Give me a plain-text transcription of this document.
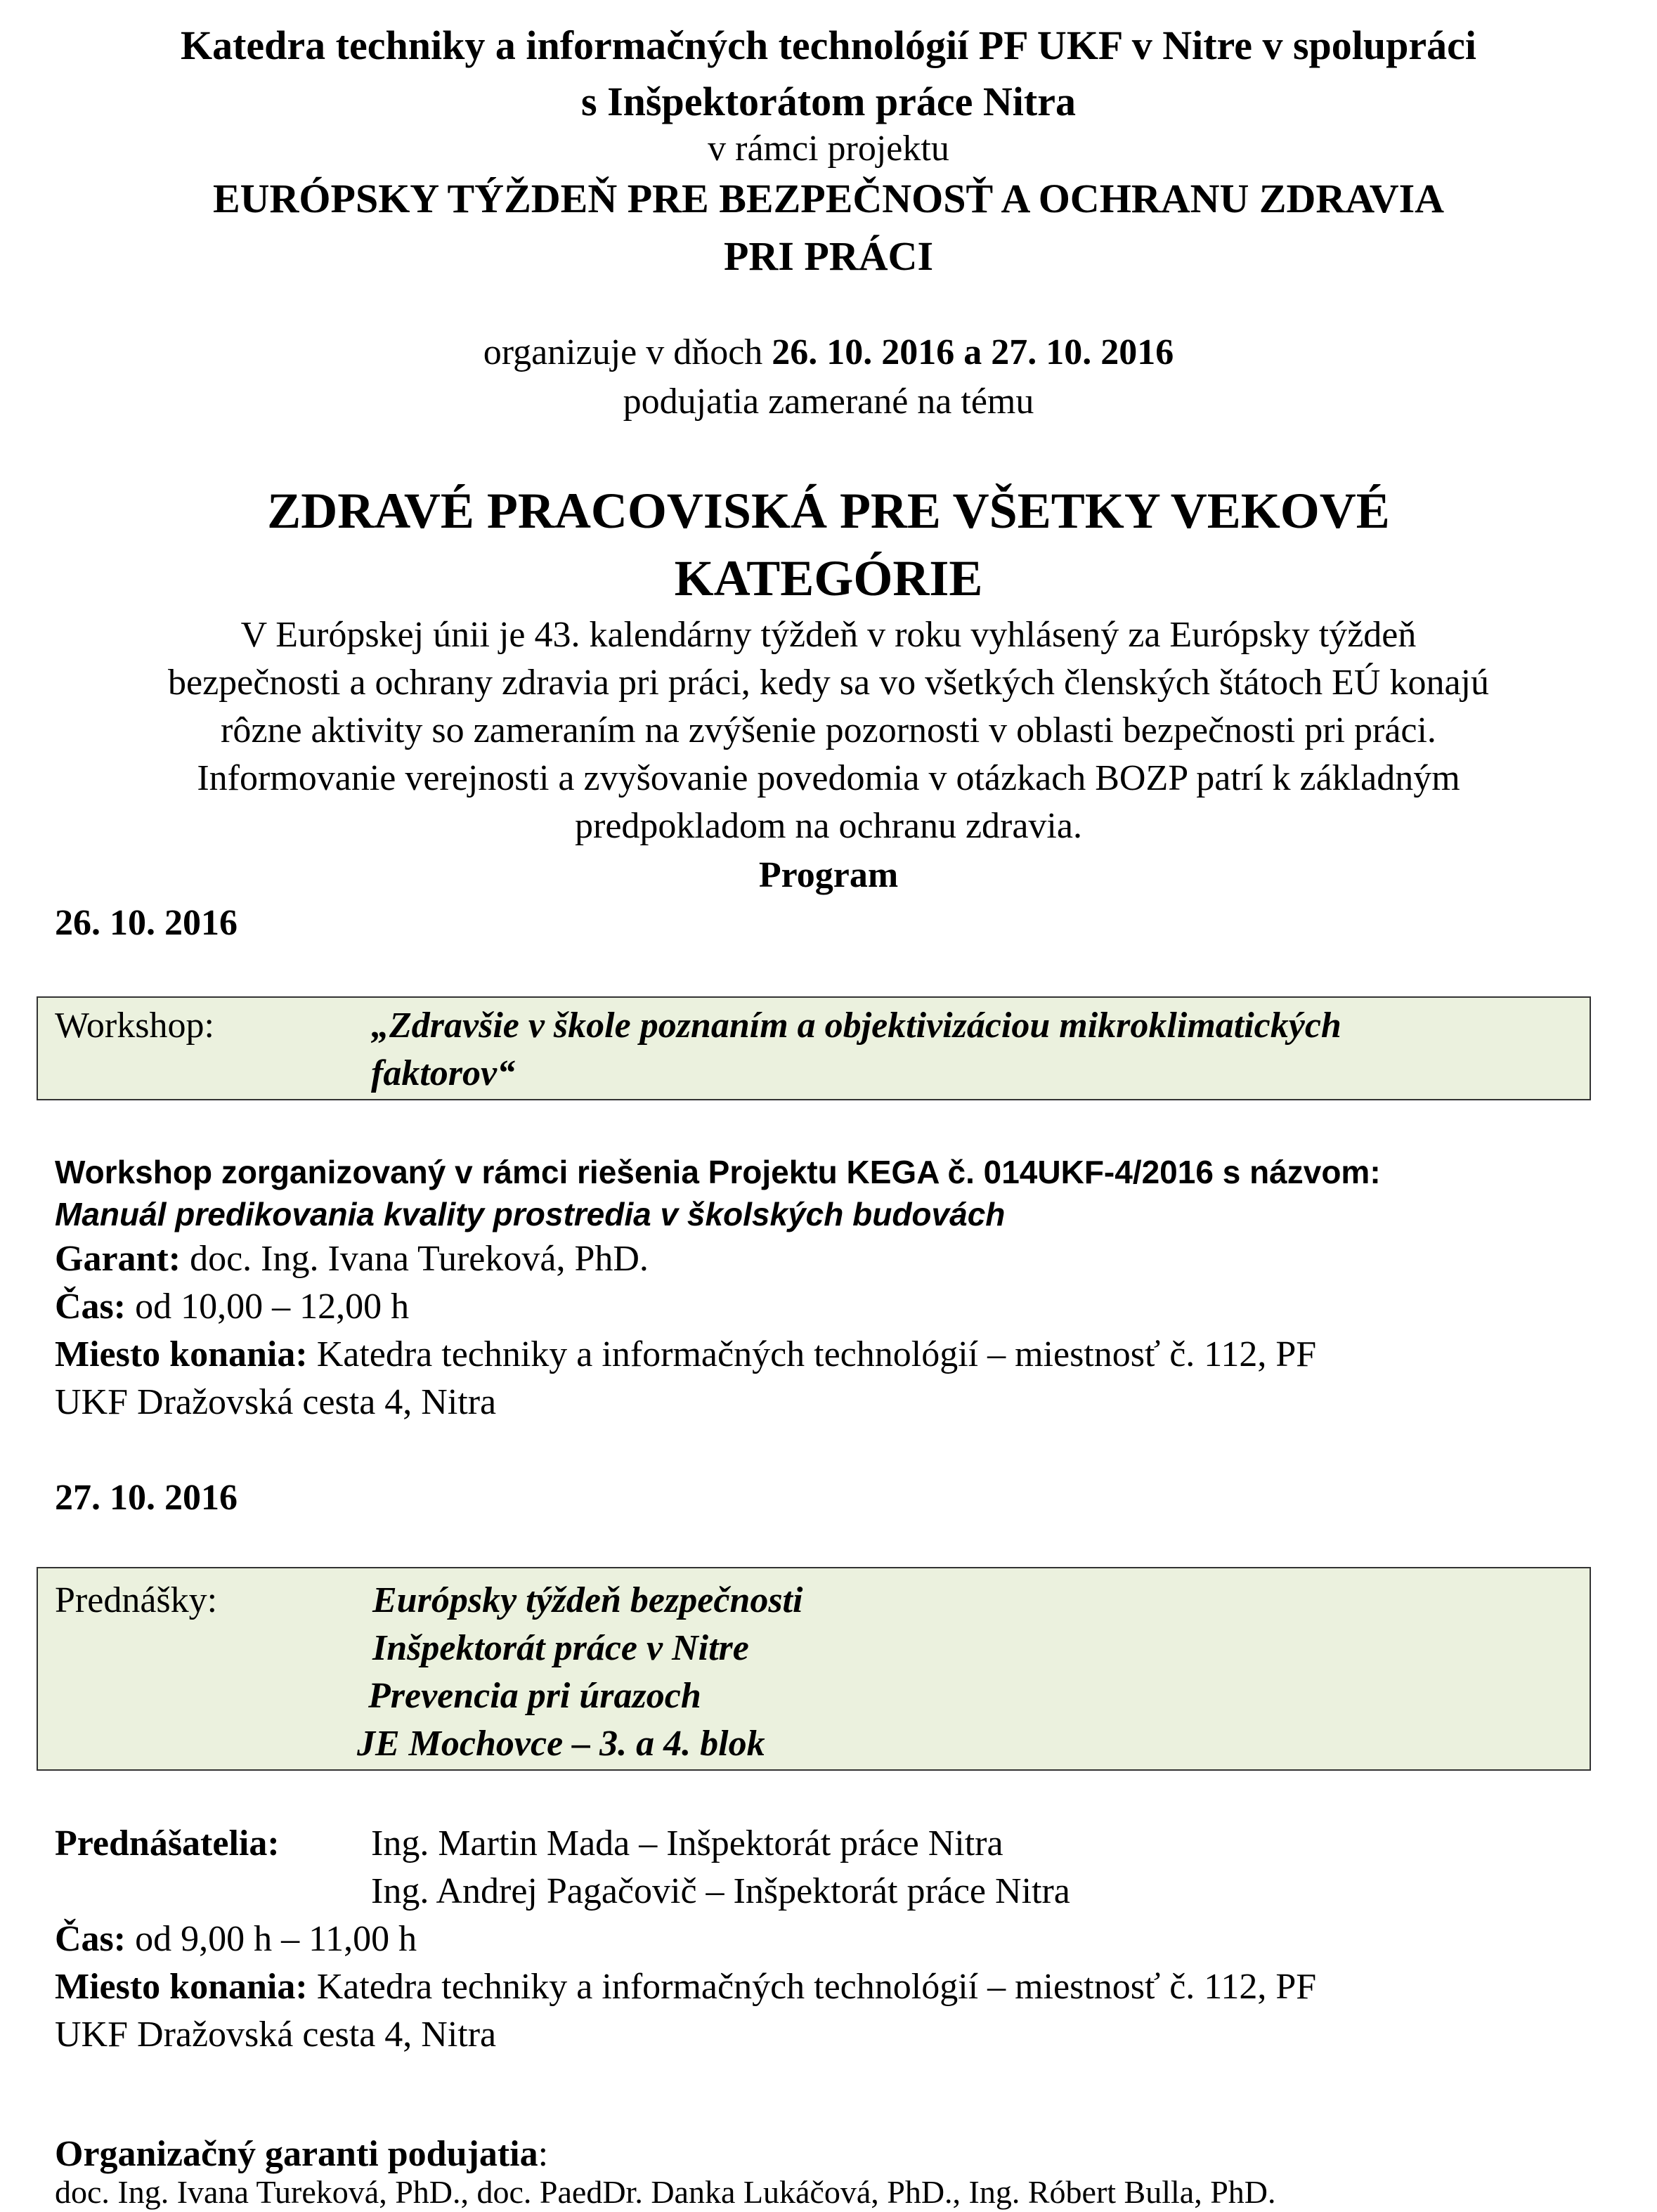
Katedra techniky a informačných technológií PF UKF v Nitre v spolupráci
s Inšpektorátom práce Nitra
v rámci projektu
EURÓPSKY TÝŽDEŇ PRE BEZPEČNOSŤ A OCHRANU ZDRAVIA
PRI PRÁCI
organizuje v dňoch 26. 10. 2016 a 27. 10. 2016
podujatia zamerané na tému
ZDRAVÉ PRACOVISKÁ PRE VŠETKY VEKOVÉ
KATEGÓRIE
V Európskej únii je 43. kalendárny týždeň v roku vyhlásený za Európsky týždeň
bezpečnosti a ochrany zdravia pri práci, kedy sa vo všetkých členských štátoch EÚ konajú
rôzne aktivity so zameraním na zvýšenie pozornosti v oblasti bezpečnosti pri práci.
Informovanie verejnosti a zvyšovanie povedomia v otázkach BOZP patrí k základným
predpokladom na ochranu zdravia.
Program
26. 10. 2016
Workshop:	„Zdravšie v škole poznaním a objektivizáciou mikroklimatických
faktorov“
Workshop zorganizovaný v rámci riešenia Projektu KEGA č. 014UKF-4/2016 s názvom:
Manuál predikovania kvality prostredia v školských budovách
Garant: doc. Ing. Ivana Tureková, PhD.
Čas: od 10,00 – 12,00 h
Miesto konania: Katedra techniky a informačných technológií – miestnosť č. 112, PF
UKF Dražovská cesta 4, Nitra
27. 10. 2016
Prednášky:	Európsky týždeň bezpečnosti
Inšpektorát práce v Nitre
Prevencia pri úrazoch
JE Mochovce – 3. a 4. blok
Prednášatelia:	Ing. Martin Mada – Inšpektorát práce Nitra
Ing. Andrej Pagačovič – Inšpektorát práce Nitra
Čas: od 9,00 h – 11,00 h
Miesto konania: Katedra techniky a informačných technológií – miestnosť č. 112, PF
UKF Dražovská cesta 4, Nitra
Organizačný garanti podujatia:
doc. Ing. Ivana Tureková, PhD., doc. PaedDr. Danka Lukáčová, PhD., Ing. Róbert Bulla, PhD.
